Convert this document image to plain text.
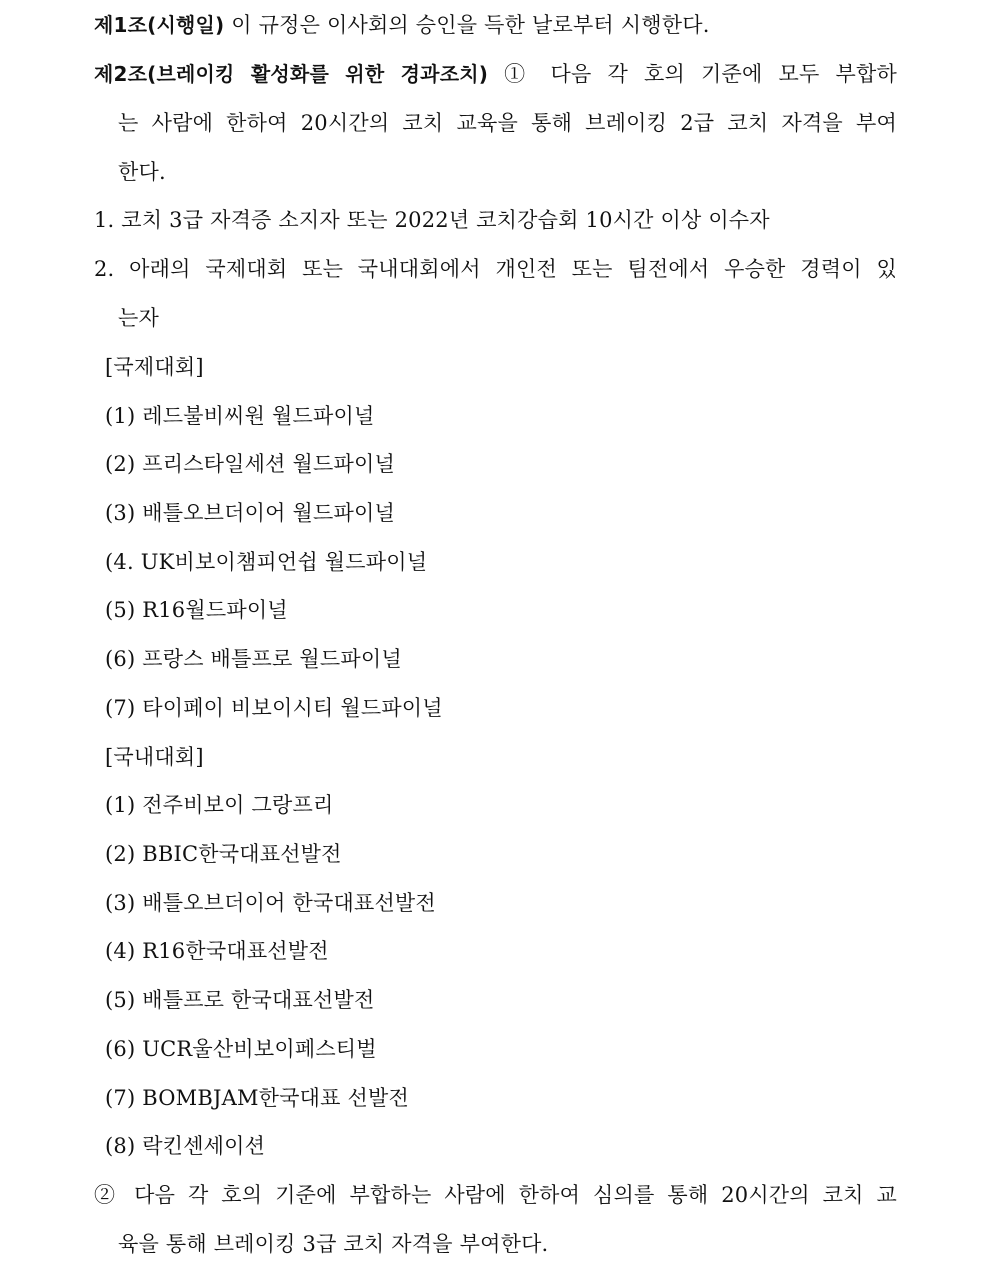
제1조(시행일) 이 규정은 이사회의 승인을 득한 날로부터 시행한다.
제2조(브레이킹 활성화를 위한 경과조치) ① 다음 각 호의 기준에 모두 부합하
는 사람에 한하여 20시간의 코치 교육을 통해 브레이킹 2급 코치 자격을 부여
한다.
1. 코치 3급 자격증 소지자 또는 2022년 코치강습회 10시간 이상 이수자
2. 아래의 국제대회 또는 국내대회에서 개인전 또는 팀전에서 우승한 경력이 있
는자
[국제대회]
(1) 레드불비씨원 월드파이널
(2) 프리스타일세션 월드파이널
(3) 배틀오브더이어 월드파이널
(4. UK비보이챔피언쉽 월드파이널
(5) R16월드파이널
(6) 프랑스 배틀프로 월드파이널
(7) 타이페이 비보이시티 월드파이널
[국내대회]
(1) 전주비보이 그랑프리
(2) BBIC한국대표선발전
(3) 배틀오브더이어 한국대표선발전
(4) R16한국대표선발전
(5) 배틀프로 한국대표선발전
(6) UCR울산비보이페스티벌
(7) BOMBJAM한국대표 선발전
(8) 락킨센세이션
② 다음 각 호의 기준에 부합하는 사람에 한하여 심의를 통해 20시간의 코치 교
육을 통해 브레이킹 3급 코치 자격을 부여한다.
